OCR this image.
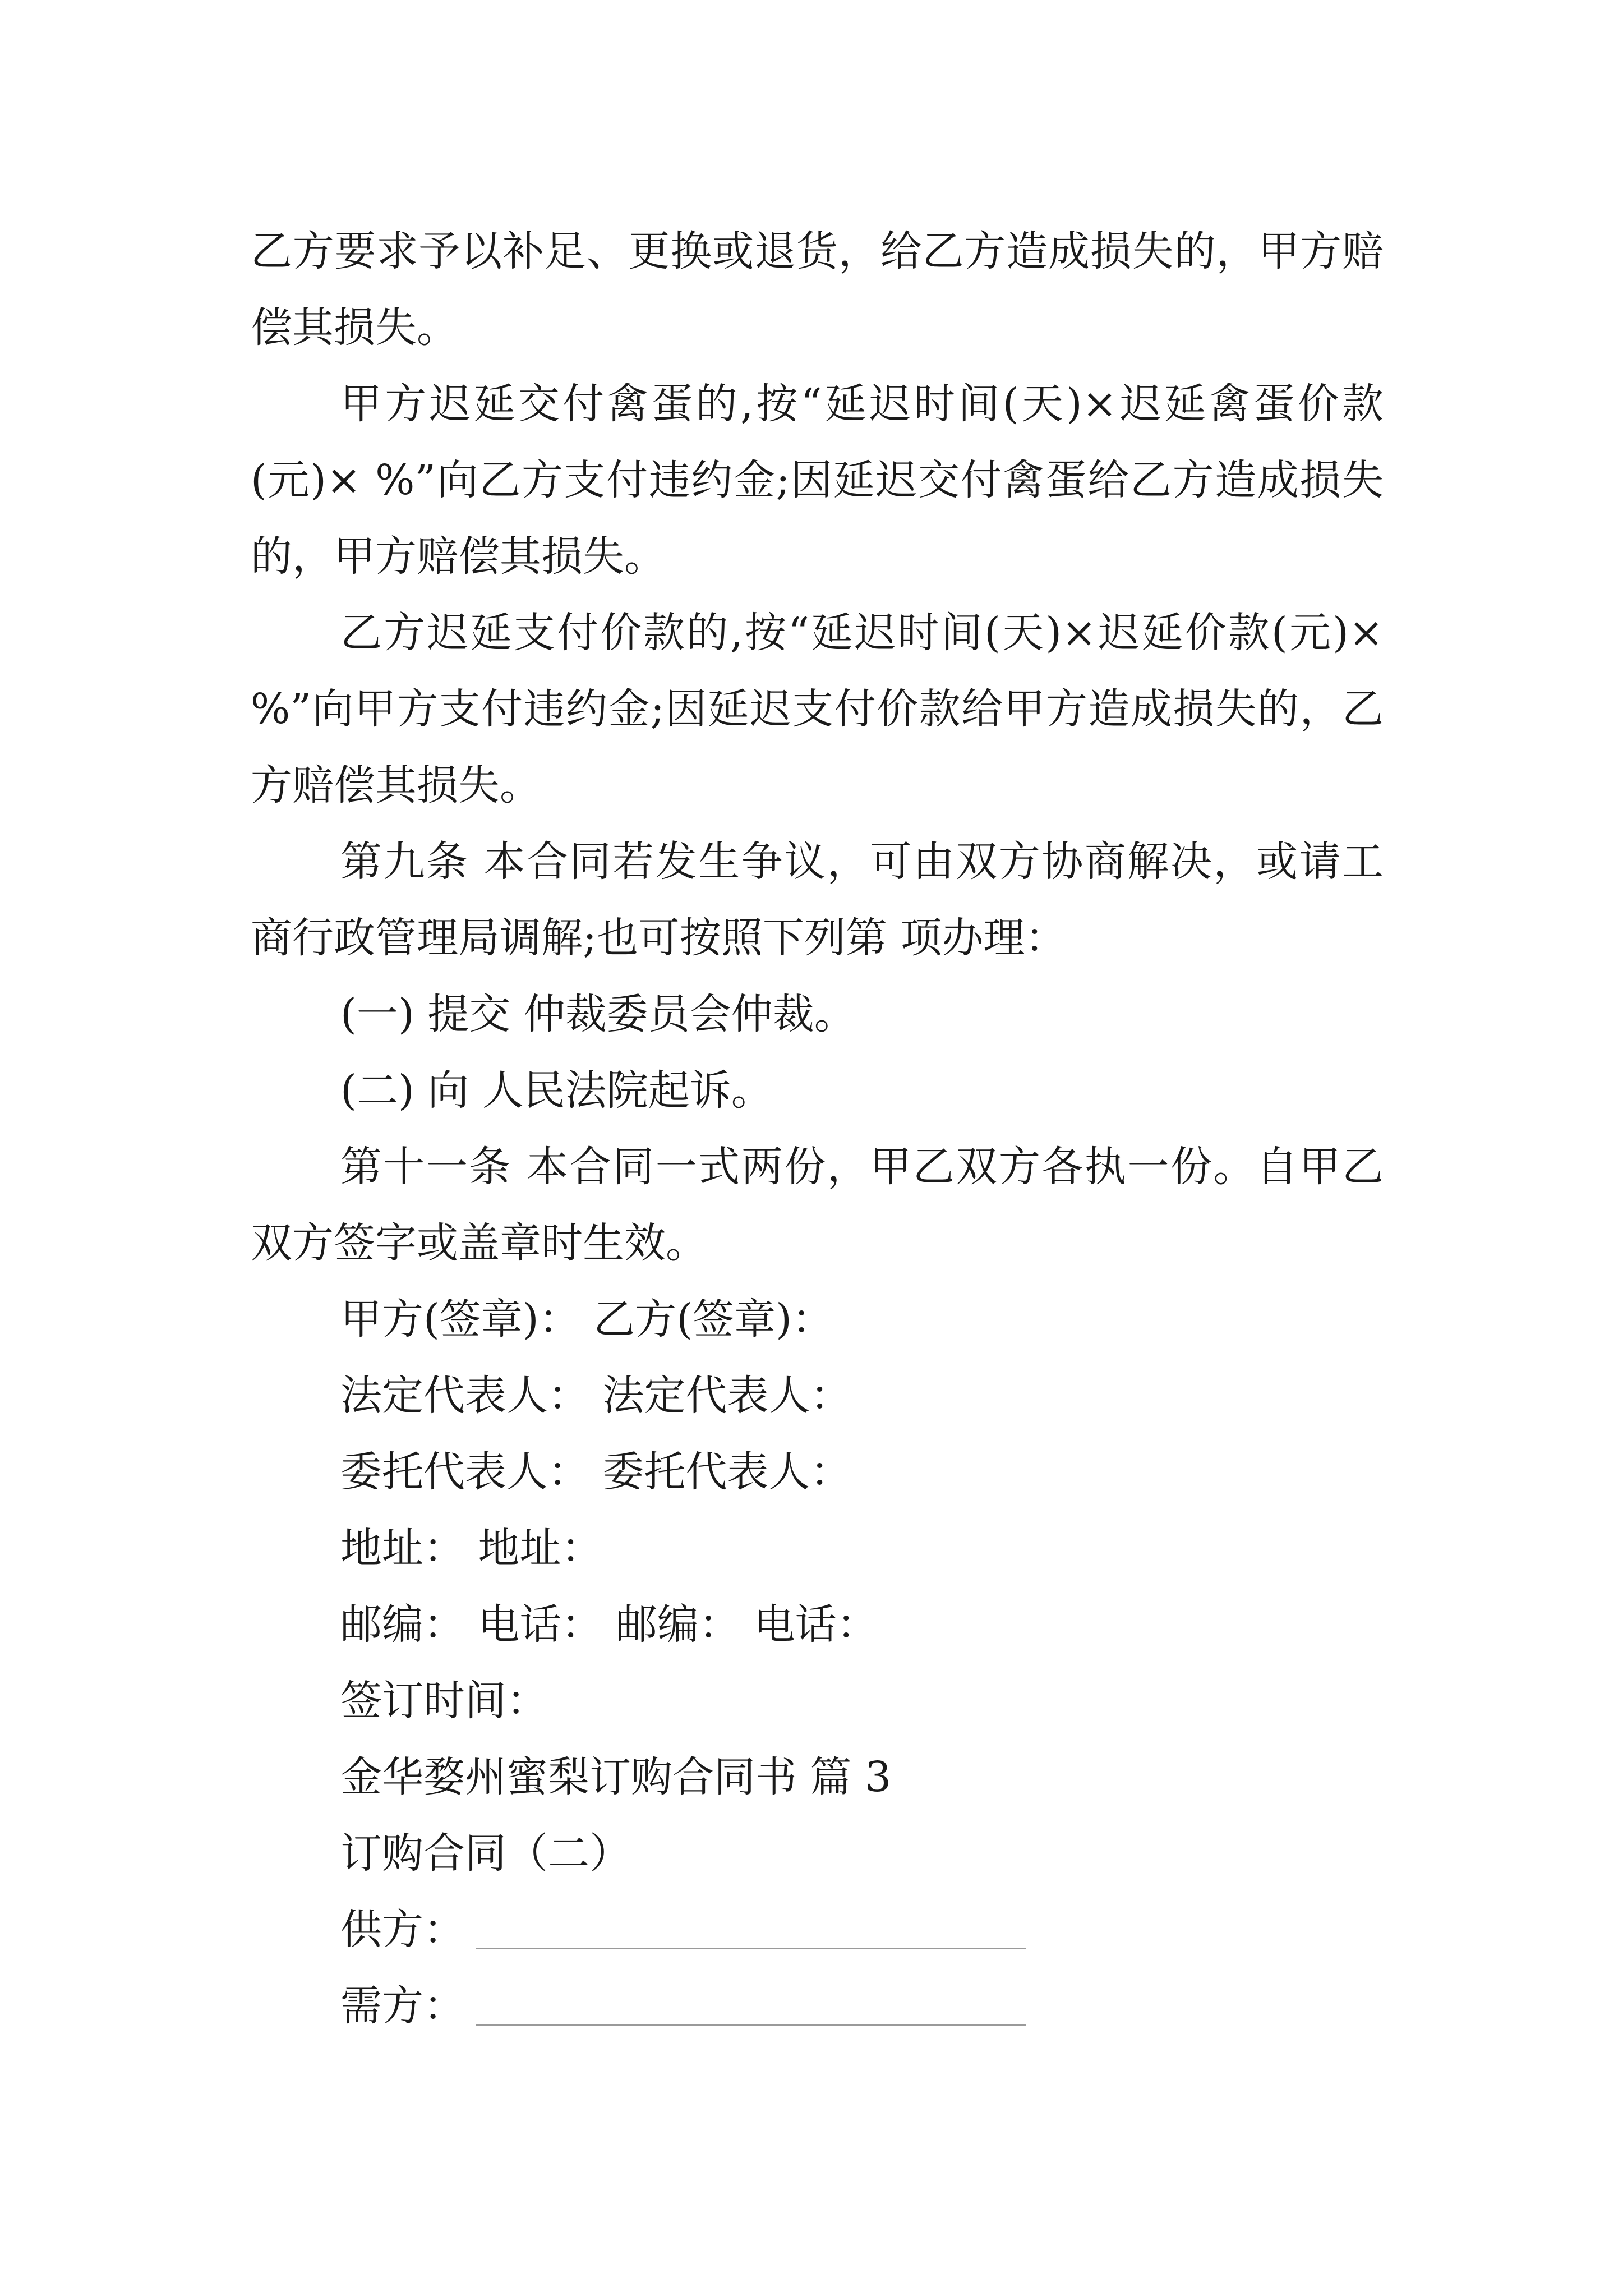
乙方要求予以补足、更换或退货，给乙方造成损失的，甲方赔偿其损失。

甲方迟延交付禽蛋的,按“延迟时间(天)×迟延禽蛋价款(元)× %”向乙方支付违约金;因延迟交付禽蛋给乙方造成损失的，甲方赔偿其损失。

乙方迟延支付价款的,按“延迟时间(天)×迟延价款(元)× %”向甲方支付违约金;因延迟支付价款给甲方造成损失的，乙方赔偿其损失。

第九条 本合同若发生争议，可由双方协商解决，或请工商行政管理局调解;也可按照下列第 项办理：

(一) 提交 仲裁委员会仲裁。

(二) 向 人民法院起诉。

第十一条 本合同一式两份，甲乙双方各执一份。自甲乙双方签字或盖章时生效。

甲方(签章)： 乙方(签章)：

法定代表人： 法定代表人：

委托代表人： 委托代表人：

地址： 地址：

邮编： 电话： 邮编： 电话：

签订时间：

金华婺州蜜梨订购合同书 篇 3

订购合同（二）

供方：

需方：
